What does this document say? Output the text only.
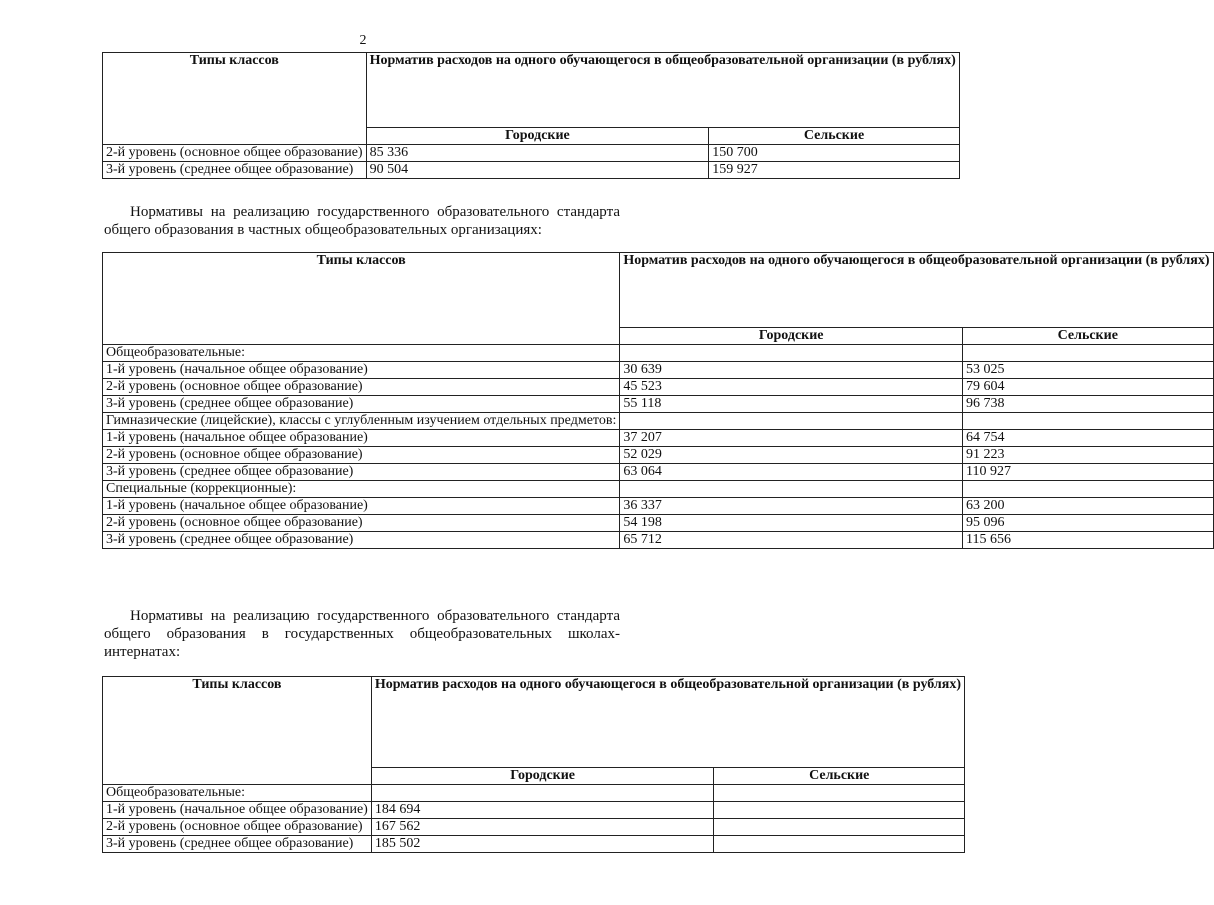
2
Типы классов	Норматив расходов на одного обучающегося в общеобразовательной организации (в рублях)	
	Городские	Сельские
2-й уровень (основное общее образование)	85 336	150 700
3-й уровень (среднее общее образование)	90 504	159 927
Нормативы на реализацию государственного образовательного стандарта общего образования в частных общеобразовательных организациях:
Типы классов	Норматив расходов на одного обучающегося в общеобразовательной организации (в рублях)	
	Городские	Сельские
Общеобразовательные:		
1-й уровень (начальное общее образование)	30 639	53 025
2-й уровень (основное общее образование)	45 523	79 604
3-й уровень (среднее общее образование)	55 118	96 738
Гимназические (лицейские), классы с углубленным изучением отдельных предметов:		
1-й уровень (начальное общее образование)	37 207	64 754
2-й уровень (основное общее образование)	52 029	91 223
3-й уровень (среднее общее образование)	63 064	110 927
Специальные (коррекционные):		
1-й уровень (начальное общее образование)	36 337	63 200
2-й уровень (основное общее образование)	54 198	95 096
3-й уровень (среднее общее образование)	65 712	115 656
Нормативы на реализацию государственного образовательного стандарта общего образования в государственных общеобразовательных школах-интернатах:
Типы классов	Норматив расходов на одного обучающегося в общеобразовательной организации (в рублях)	
	Городские	Сельские
Общеобразовательные:		
1-й уровень (начальное общее образование)	184 694	
2-й уровень (основное общее образование)	167 562	
3-й уровень (среднее общее образование)	185 502	
